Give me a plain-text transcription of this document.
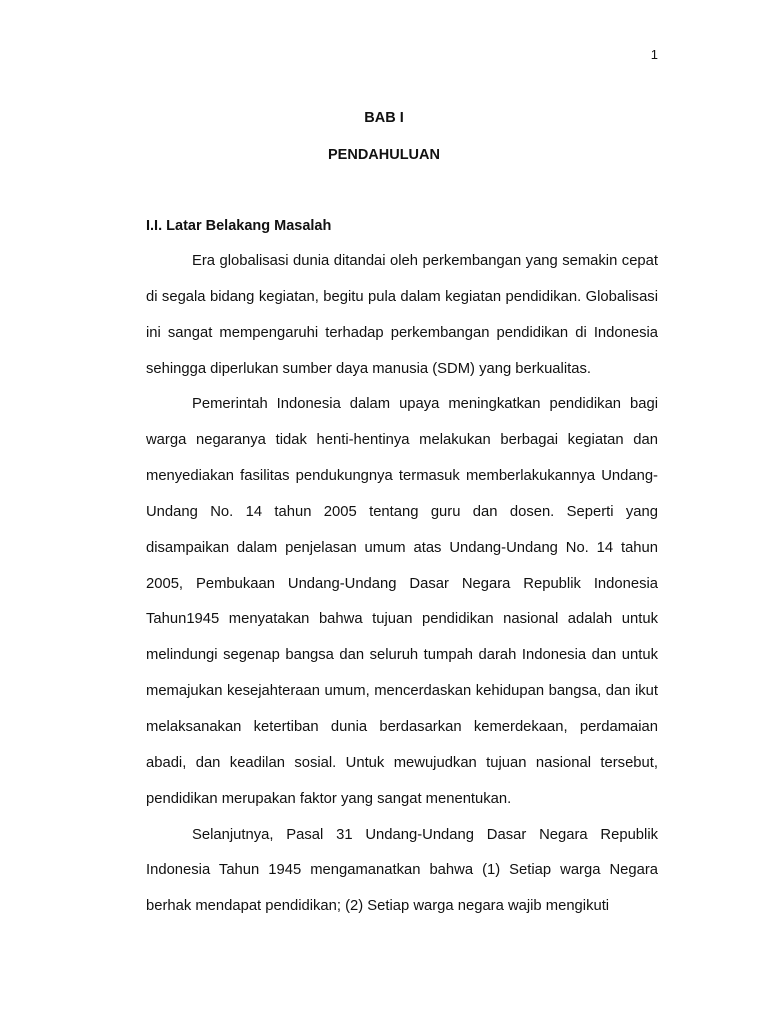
1
BAB I
PENDAHULUAN
I.I. Latar Belakang Masalah

Era globalisasi dunia ditandai oleh perkembangan yang semakin cepat di segala bidang kegiatan, begitu pula dalam kegiatan pendidikan. Globalisasi ini sangat mempengaruhi terhadap perkembangan pendidikan di Indonesia sehingga diperlukan sumber daya manusia (SDM) yang berkualitas.

Pemerintah Indonesia dalam upaya meningkatkan pendidikan bagi warga negaranya tidak henti-hentinya melakukan berbagai kegiatan dan menyediakan fasilitas pendukungnya termasuk memberlakukannya Undang-Undang No. 14 tahun 2005 tentang guru dan dosen. Seperti yang disampaikan dalam penjelasan umum atas Undang-Undang No. 14 tahun 2005, Pembukaan Undang-Undang Dasar Negara Republik Indonesia Tahun1945 menyatakan bahwa tujuan pendidikan nasional adalah untuk melindungi segenap bangsa dan seluruh tumpah darah Indonesia dan untuk memajukan kesejahteraan umum, mencerdaskan kehidupan bangsa, dan ikut melaksanakan ketertiban dunia berdasarkan kemerdekaan, perdamaian abadi, dan keadilan sosial. Untuk mewujudkan tujuan nasional tersebut, pendidikan merupakan faktor yang sangat menentukan.

Selanjutnya, Pasal 31 Undang-Undang Dasar Negara Republik Indonesia Tahun 1945 mengamanatkan bahwa (1) Setiap warga Negara berhak mendapat pendidikan; (2) Setiap warga negara wajib mengikuti
